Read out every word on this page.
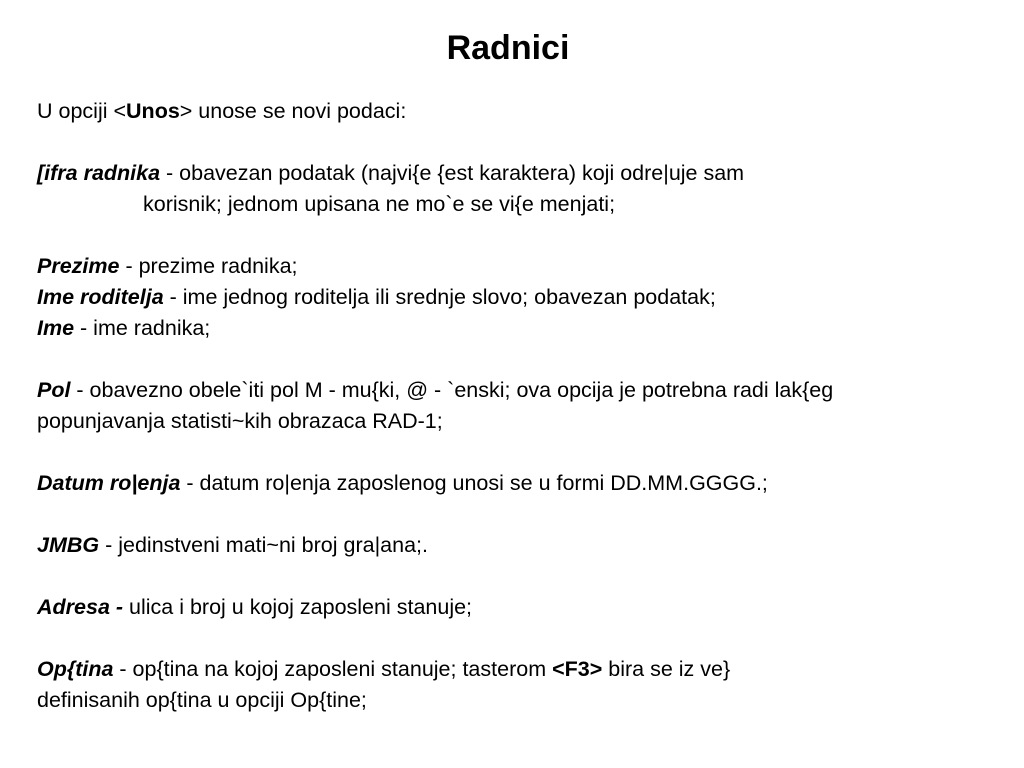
Radnici
U opciji <Unos> unose se novi podaci:
[ifra radnika - obavezan podatak (najvi{e {est karaktera) koji odre|uje sam
korisnik; jednom upisana ne mo`e se vi{e menjati;
Prezime - prezime radnika;
Ime roditelja - ime jednog roditelja ili srednje slovo; obavezan podatak;
Ime - ime radnika;
Pol - obavezno obele`iti pol M - mu{ki, @ - `enski; ova opcija je potrebna radi lak{eg
popunjavanja statisti~kih obrazaca RAD-1;
Datum ro|enja - datum ro|enja zaposlenog unosi se u formi DD.MM.GGGG.;
JMBG - jedinstveni mati~ni broj gra|ana;.
Adresa - ulica i broj u kojoj zaposleni stanuje;
Op{tina - op{tina na kojoj zaposleni stanuje; tasterom <F3> bira se iz ve}
definisanih op{tina u opciji Op{tine;
